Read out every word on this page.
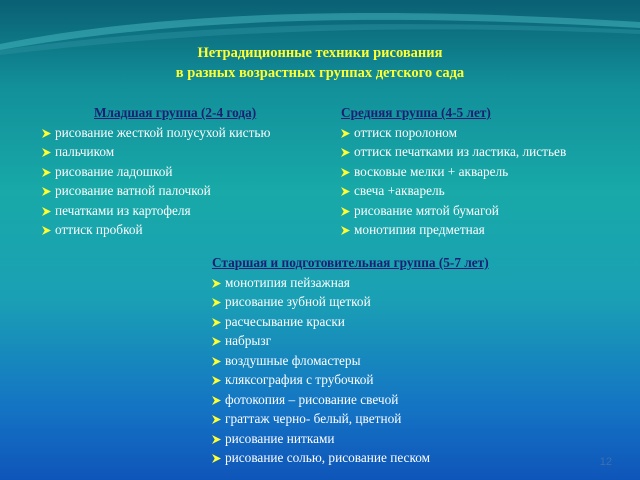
Нетрадиционные техники рисования
в разных возрастных группах детского сада
Младшая группа (2-4 года)
рисование жесткой полусухой кистью
пальчиком
рисование ладошкой
рисование ватной палочкой
печатками из картофеля
оттиск пробкой
Средняя группа (4-5 лет)
оттиск поролоном
оттиск печатками из ластика, листьев
восковые мелки + акварель
свеча +акварель
рисование мятой бумагой
монотипия предметная
Старшая и подготовительная группа (5-7 лет)
монотипия пейзажная
рисование зубной щеткой
расчесывание краски
набрызг
воздушные фломастеры
кляксография с трубочкой
фотокопия – рисование свечой
граттаж черно- белый, цветной
рисование нитками
рисование солью, рисование песком	12
